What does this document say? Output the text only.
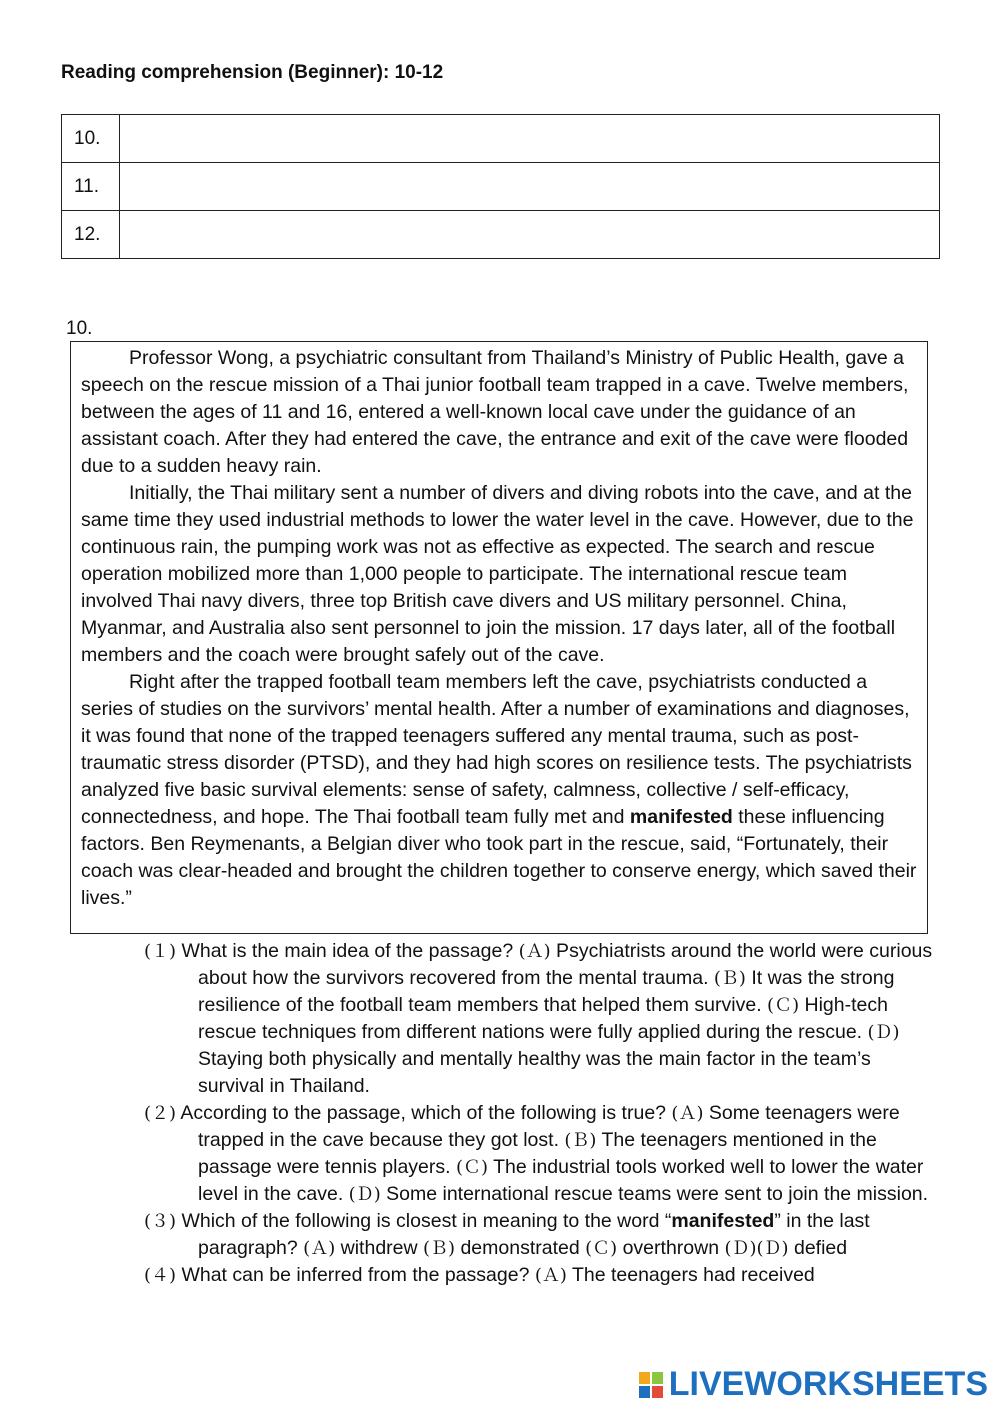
Reading comprehension (Beginner): 10-12
10.	
11.	
12.	
10.

Professor Wong, a psychiatric consultant from Thailand’s Ministry of Public Health, gave a speech on the rescue mission of a Thai junior football team trapped in a cave. Twelve members, between the ages of 11 and 16, entered a well-known local cave under the guidance of an assistant coach. After they had entered the cave, the entrance and exit of the cave were flooded due to a sudden heavy rain.

Initially, the Thai military sent a number of divers and diving robots into the cave, and at the same time they used industrial methods to lower the water level in the cave. However, due to the continuous rain, the pumping work was not as effective as expected. The search and rescue operation mobilized more than 1,000 people to participate. The international rescue team involved Thai navy divers, three top British cave divers and US military personnel. China, Myanmar, and Australia also sent personnel to join the mission. 17 days later, all of the football members and the coach were brought safely out of the cave.

Right after the trapped football team members left the cave, psychiatrists conducted a series of studies on the survivors’ mental health. After a number of examinations and diagnoses, it was found that none of the trapped teenagers suffered any mental trauma, such as post-traumatic stress disorder (PTSD), and they had high scores on resilience tests. The psychiatrists analyzed five basic survival elements: sense of safety, calmness, collective / self-efficacy, connectedness, and hope. The Thai football team fully met and manifested these influencing factors. Ben Reymenants, a Belgian diver who took part in the rescue, said, “Fortunately, their coach was clear-headed and brought the children together to conserve energy, which saved their lives.”

(１) What is the main idea of the passage? (Ａ) Psychiatrists around the world were curious about how the survivors recovered from the mental trauma. (Ｂ) It was the strong resilience of the football team members that helped them survive. (Ｃ) High-tech rescue techniques from different nations were fully applied during the rescue. (Ｄ) Staying both physically and mentally healthy was the main factor in the team’s survival in Thailand.

(２) According to the passage, which of the following is true? (Ａ) Some teenagers were trapped in the cave because they got lost. (Ｂ) The teenagers mentioned in the passage were tennis players. (Ｃ) The industrial tools worked well to lower the water level in the cave. (Ｄ) Some international rescue teams were sent to join the mission.

(３) Which of the following is closest in meaning to the word “manifested” in the last paragraph? (Ａ) withdrew (Ｂ) demonstrated (Ｃ) overthrown (Ｄ)(Ｄ) defied

(４) What can be inferred from the passage? (Ａ) The teenagers had received

LIVEWORKSHEETS
